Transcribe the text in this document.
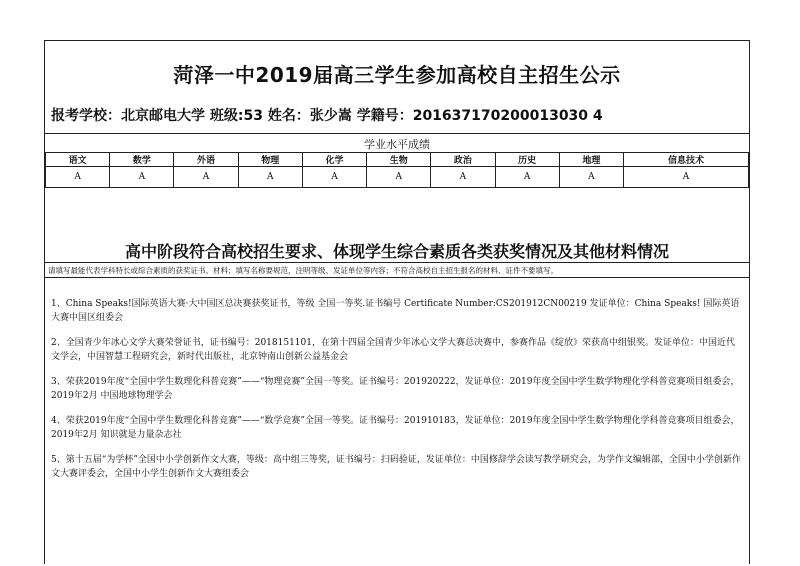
菏泽一中2019届高三学生参加高校自主招生公示
报考学校：北京邮电大学 班级:53 姓名：张少嵩 学籍号：201637170200013030 4
学业水平成绩
语文	数学	外语	物理	化学	生物	政治	历史	地理	信息技术
A	A	A	A	A	A	A	A	A	A
高中阶段符合高校招生要求、体现学生综合素质各类获奖情况及其他材料情况
请填写最能代表学科特长或综合素质的获奖证书、材料；填写名称要规范，注明等级、发证单位等内容；不符合高校自主招生报名的材料、证件不要填写。
1、China Speaks!国际英语大赛·大中国区总决赛获奖证书，等级 全国一等奖.证书编号 Certificate Number:CS201912CN00219 发证单位：China Speaks! 国际英语大赛中国区组委会
2、全国青少年冰心文学大赛荣誉证书，证书编号：2018151101，在第十四届全国青少年冰心文学大赛总决赛中，参赛作品《绽放》荣获高中组银奖。发证单位：中国近代文学会，中国智慧工程研究会，新时代出版社，北京钟南山创新公益基金会
3、荣获2019年度“全国中学生数理化科普竞赛”——“物理竞赛”全国一等奖。证书编号：201920222，发证单位：2019年度全国中学生数学物理化学科普竞赛项目组委会，2019年2月 中国地球物理学会
4、荣获2019年度“全国中学生数理化科普竞赛”——“数学竞赛”全国一等奖。证书编号：201910183，发证单位：2019年度全国中学生数学物理化学科普竞赛项目组委会，2019年2月 知识就是力量杂志社
5、第十五届“为学杯”全国中小学创新作文大赛，等级：高中组三等奖，证书编号：扫码验证，发证单位：中国修辞学会读写教学研究会，为学作文编辑部，全国中小学创新作文大赛评委会，全国中小学生创新作文大赛组委会
